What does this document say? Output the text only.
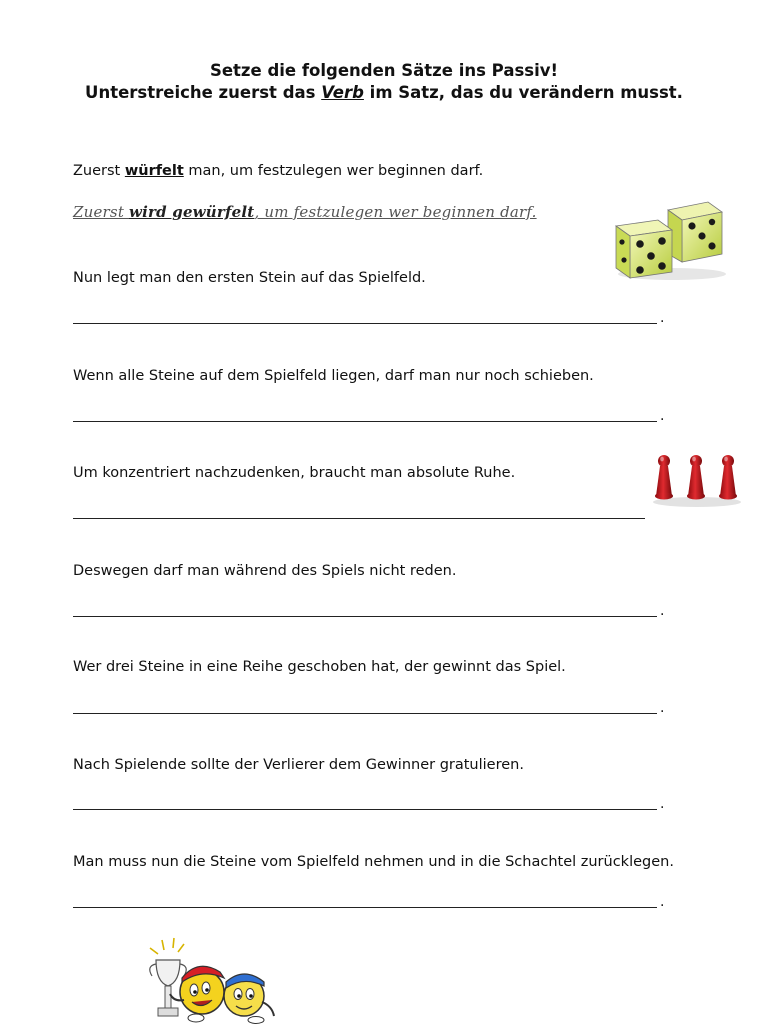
Setze die folgenden Sätze ins Passiv!
Unterstreiche zuerst das Verb im Satz, das du verändern musst.
Zuerst würfelt man, um festzulegen wer beginnen darf.
Zuerst wird gewürfelt, um festzulegen wer beginnen darf.
Nun legt man den ersten Stein auf das Spielfeld.
.
Wenn alle Steine auf dem Spielfeld liegen, darf man nur noch schieben.
.
Um konzentriert nachzudenken, braucht man absolute Ruhe.
Deswegen darf man während des Spiels nicht reden.
.
Wer drei Steine in eine Reihe geschoben hat, der gewinnt das Spiel.
.
Nach Spielende sollte der Verlierer dem Gewinner gratulieren.
.
Man muss nun die Steine vom Spielfeld nehmen und in die Schachtel zurücklegen.
.
